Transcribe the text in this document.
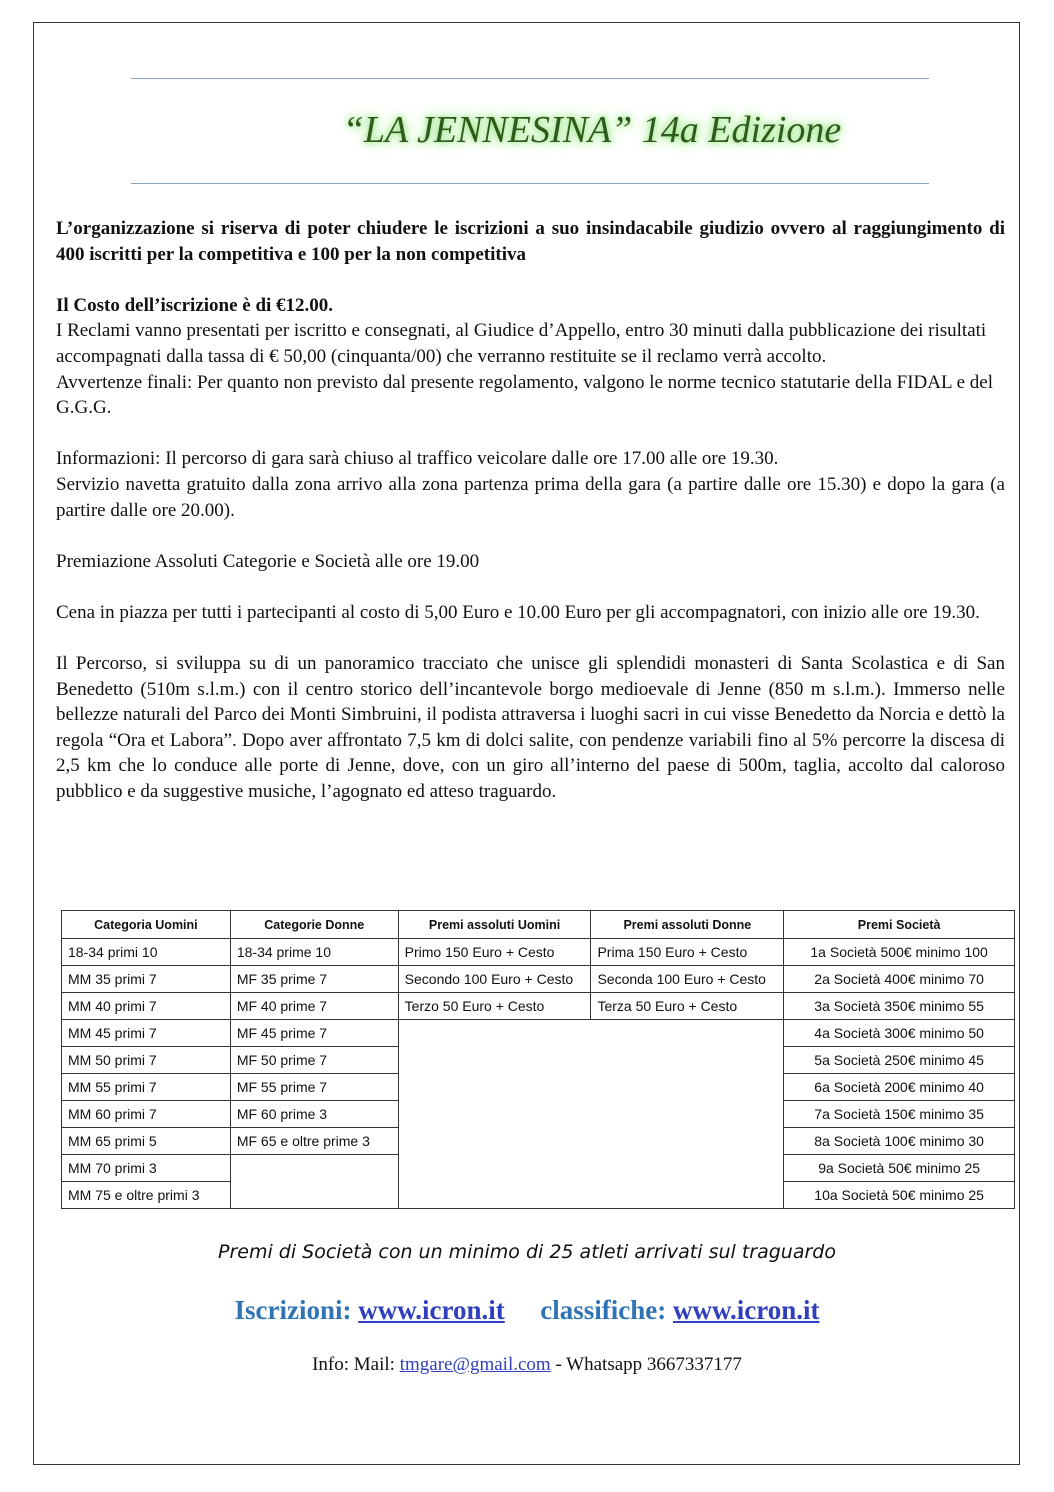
“LA JENNESINA” 14a Edizione

L’organizzazione si riserva di poter chiudere le iscrizioni a suo insindacabile giudizio ovvero al raggiungimento di 400 iscritti per la competitiva e 100 per la non competitiva

Il Costo dell’iscrizione è di €12.00.

I Reclami vanno presentati per iscritto e consegnati, al Giudice d’Appello, entro 30 minuti dalla pubblicazione dei risultati accompagnati dalla tassa di € 50,00 (cinquanta/00) che verranno restituite se il reclamo verrà accolto.

Avvertenze finali: Per quanto non previsto dal presente regolamento, valgono le norme tecnico statutarie della FIDAL e del G.G.G.

Informazioni: Il percorso di gara sarà chiuso al traffico veicolare dalle ore 17.00 alle ore 19.30.

Servizio navetta gratuito dalla zona arrivo alla zona partenza prima della gara (a partire dalle ore 15.30) e dopo la gara (a partire dalle ore 20.00).

Premiazione Assoluti Categorie e Società alle ore 19.00

Cena in piazza per tutti i partecipanti al costo di 5,00 Euro e 10.00 Euro per gli accompagnatori, con inizio alle ore 19.30.

Il Percorso, si sviluppa su di un panoramico tracciato che unisce gli splendidi monasteri di Santa Scolastica e di San Benedetto (510m s.l.m.) con il centro storico dell’incantevole borgo medioevale di Jenne (850 m s.l.m.). Immerso nelle bellezze naturali del Parco dei Monti Simbruini, il podista attraversa i luoghi sacri in cui visse Benedetto da Norcia e dettò la regola “Ora et Labora”. Dopo aver affrontato 7,5 km di dolci salite, con pendenze variabili fino al 5% percorre la discesa di 2,5 km che lo conduce alle porte di Jenne, dove, con un giro all’interno del paese di 500m, taglia, accolto dal caloroso pubblico e da suggestive musiche, l’agognato ed atteso traguardo.

Categoria Uomini	Categorie Donne	Premi assoluti Uomini	Premi assoluti Donne	Premi Società
18-34 primi 10	18-34 prime 10	Primo 150 Euro + Cesto	Prima 150 Euro + Cesto	1a Società 500€ minimo 100
MM 35 primi 7	MF 35 prime 7	Secondo 100 Euro + Cesto	Seconda 100 Euro + Cesto	2a Società 400€ minimo 70
MM 40 primi 7	MF 40 prime 7	Terzo 50 Euro + Cesto	Terza 50 Euro + Cesto	3a Società 350€ minimo 55
MM 45 primi 7	MF 45 prime 7			4a Società 300€ minimo 50
MM 50 primi 7	MF 50 prime 7			5a Società 250€ minimo 45
MM 55 primi 7	MF 55 prime 7			6a Società 200€ minimo 40
MM 60 primi 7	MF 60 prime 3			7a Società 150€ minimo 35
MM 65 primi 5	MF 65 e oltre prime 3			8a Società 100€ minimo 30
MM 70 primi 3				9a Società 50€ minimo 25
MM 75 e oltre primi 3				10a Società 50€ minimo 25
Premi di Società con un minimo di 25 atleti arrivati sul traguardo
Iscrizioni: www.icron.it classifiche: www.icron.it
Info: Mail: tmgare@gmail.com - Whatsapp 3667337177
